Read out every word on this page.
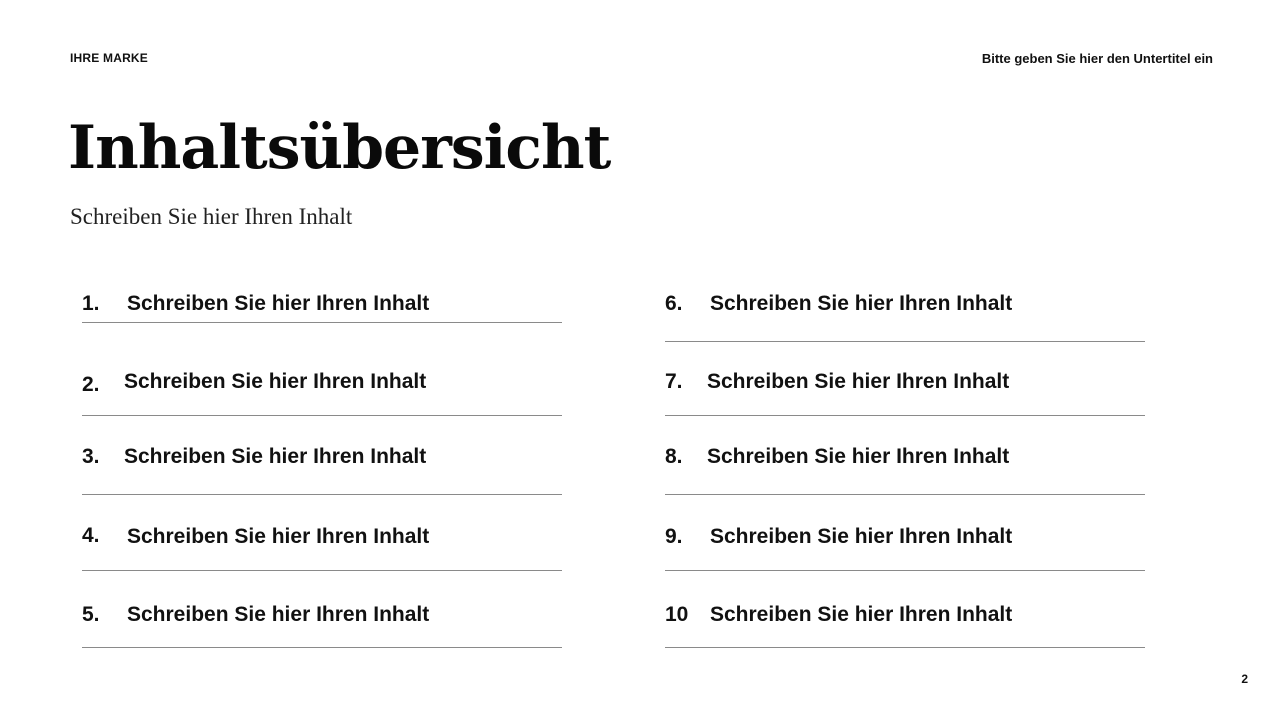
IHRE MARKE	Bitte geben Sie hier den Untertitel ein
Inhaltsübersicht
Schreiben Sie hier Ihren Inhalt
1.	Schreiben Sie hier Ihren Inhalt
2.	Schreiben Sie hier Ihren Inhalt
3.	Schreiben Sie hier Ihren Inhalt
4.	Schreiben Sie hier Ihren Inhalt
5.	Schreiben Sie hier Ihren Inhalt
6.	Schreiben Sie hier Ihren Inhalt
7.	Schreiben Sie hier Ihren Inhalt
8.	Schreiben Sie hier Ihren Inhalt
9.	Schreiben Sie hier Ihren Inhalt
10	Schreiben Sie hier Ihren Inhalt
2
